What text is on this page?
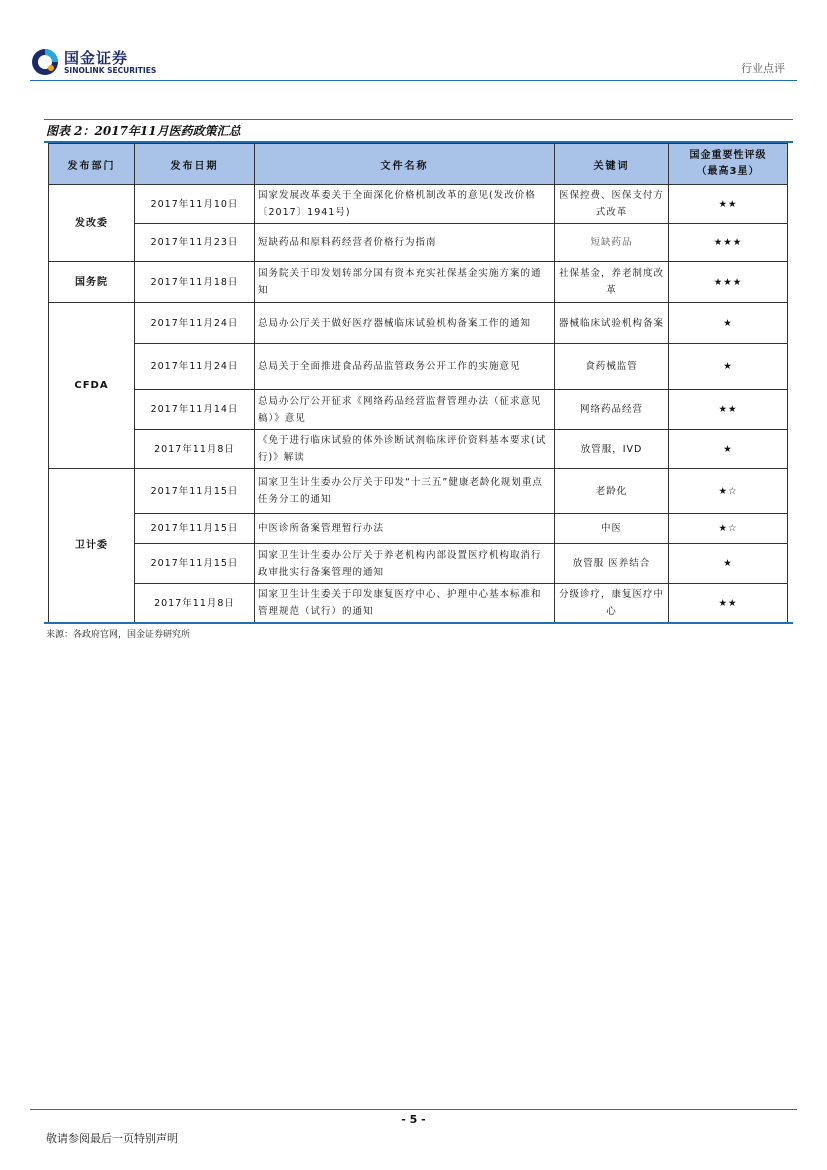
国金证券
SINOLINK SECURITIES	行业点评
图表 2：2017年11月医药政策汇总
发布部门	发布日期	文件名称	关键词	国金重要性评级（最高3星）
发改委	2017年11月10日	国家发展改革委关于全面深化价格机制改革的意见(发改价格〔2017〕1941号)	医保控费、医保支付方式改革	★★
	2017年11月23日	短缺药品和原料药经营者价格行为指南	短缺药品	★★★
国务院	2017年11月18日	国务院关于印发划转部分国有资本充实社保基金实施方案的通知	社保基金，养老制度改革	★★★
CFDA	2017年11月24日	总局办公厅关于做好医疗器械临床试验机构备案工作的通知	器械临床试验机构备案	★
	2017年11月24日	总局关于全面推进食品药品监管政务公开工作的实施意见	食药械监管	★
	2017年11月14日	总局办公厅公开征求《网络药品经营监督管理办法（征求意见稿）》意见	网络药品经营	★★
	2017年11月8日	《免于进行临床试验的体外诊断试剂临床评价资料基本要求(试行)》解读	放管服，IVD	★
卫计委	2017年11月15日	国家卫生计生委办公厅关于印发“十三五”健康老龄化规划重点任务分工的通知	老龄化	★☆
	2017年11月15日	中医诊所备案管理暂行办法	中医	★☆
	2017年11月15日	国家卫生计生委办公厅关于养老机构内部设置医疗机构取消行政审批实行备案管理的通知	放管服 医养结合	★
	2017年11月8日	国家卫生计生委关于印发康复医疗中心、护理中心基本标准和管理规范（试行）的通知	分级诊疗，康复医疗中心	★★
来源：各政府官网，国金证券研究所
- 5 -
敬请参阅最后一页特别声明
